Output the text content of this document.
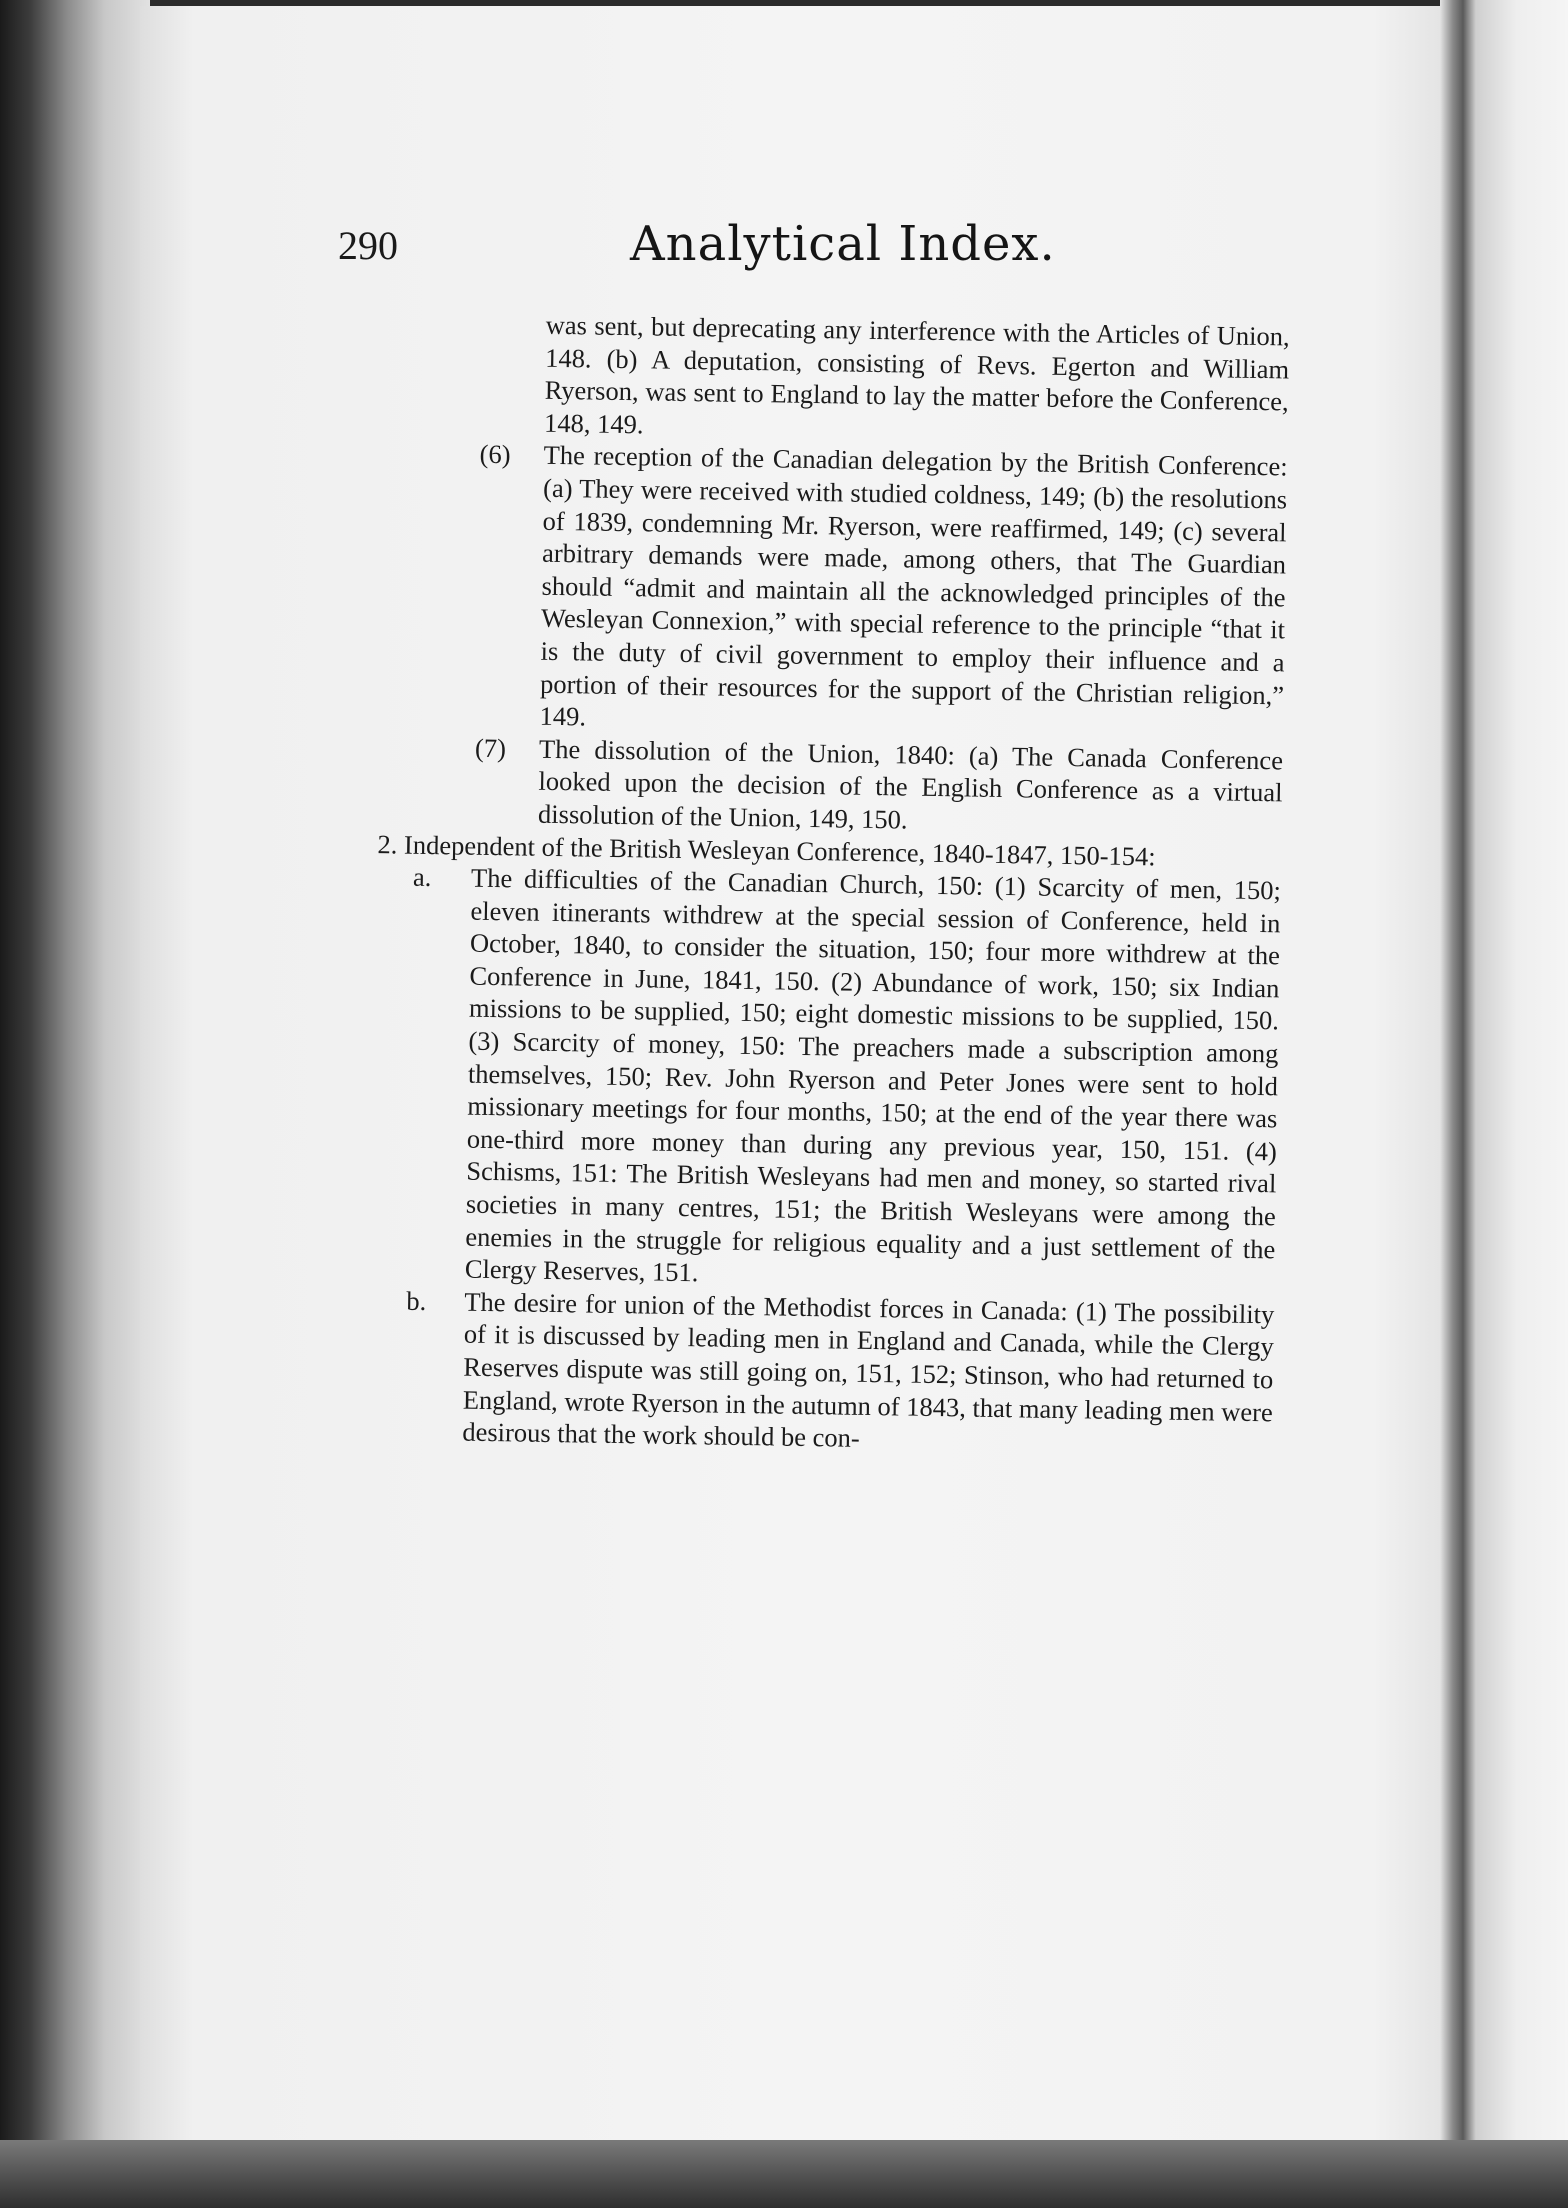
290	Analytical Index.

was sent, but deprecating any interference with the Articles of Union, 148. (b) A deputation, consisting of Revs. Egerton and William Ryerson, was sent to England to lay the matter before the Conference, 148, 149.

(6) The reception of the Canadian delegation by the British Conference: (a) They were received with studied coldness, 149; (b) the resolutions of 1839, condemning Mr. Ryerson, were reaffirmed, 149; (c) several arbitrary demands were made, among others, that The Guardian should “admit and maintain all the acknowledged principles of the Wesleyan Connexion,” with special reference to the principle “that it is the duty of civil government to employ their influence and a portion of their resources for the support of the Christian religion,” 149.

(7) The dissolution of the Union, 1840: (a) The Canada Conference looked upon the decision of the English Conference as a virtual dissolution of the Union, 149, 150.

2. Independent of the British Wesleyan Conference, 1840-1847, 150-154:

a. The difficulties of the Canadian Church, 150: (1) Scarcity of men, 150; eleven itinerants withdrew at the special session of Conference, held in October, 1840, to consider the situation, 150; four more withdrew at the Conference in June, 1841, 150. (2) Abundance of work, 150; six Indian missions to be supplied, 150; eight domestic missions to be supplied, 150. (3) Scarcity of money, 150: The preachers made a subscription among themselves, 150; Rev. John Ryerson and Peter Jones were sent to hold missionary meetings for four months, 150; at the end of the year there was one-third more money than during any previous year, 150, 151. (4) Schisms, 151: The British Wesleyans had men and money, so started rival societies in many centres, 151; the British Wesleyans were among the enemies in the struggle for religious equality and a just settlement of the Clergy Reserves, 151.

b. The desire for union of the Methodist forces in Canada: (1) The possibility of it is discussed by leading men in England and Canada, while the Clergy Reserves dispute was still going on, 151, 152; Stinson, who had returned to England, wrote Ryerson in the autumn of 1843, that many leading men were desirous that the work should be con-
